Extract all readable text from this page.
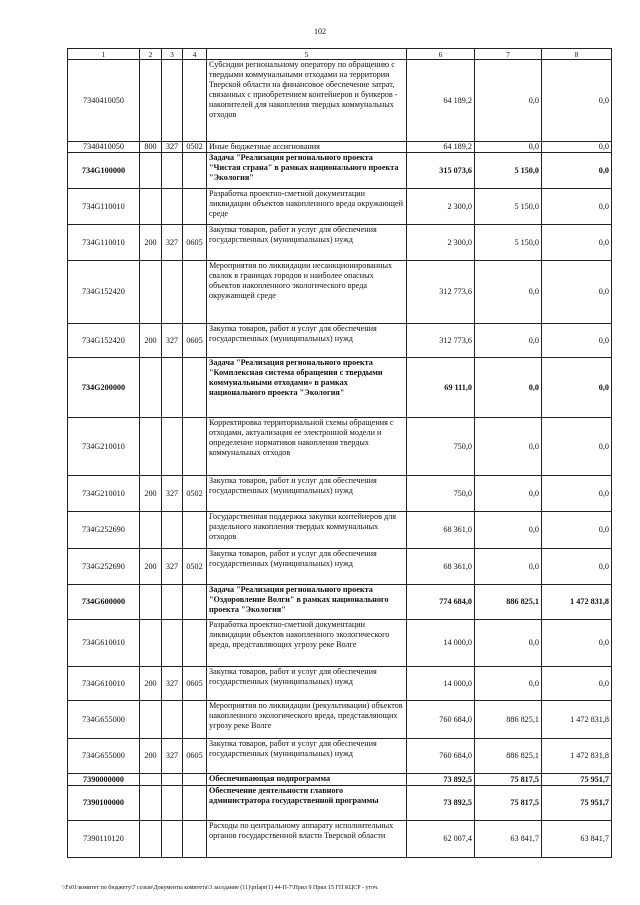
102
1	2	3	4	5	6	7	8
7340410050				Субсидии региональному оператору по обращению с твердыми коммунальными отходами на территории Тверской области на финансовое обеспечение затрат, связанных с приобретением контейнеров и бункеров - накопителей для накопления твердых коммунальных отходов	64 189,2	0,0	0,0
7340410050	800	327	0502	Иные бюджетные ассигнования	64 189,2	0,0	0,0
734G100000				Задача "Реализация регионального проекта "Чистая страна" в рамках национального проекта "Экология"	315 073,6	5 150,0	0,0
734G110010				Разработка проектно-сметной документации ликвидации объектов накопленного вреда окружающей среде	2 300,0	5 150,0	0,0
734G110010	200	327	0605	Закупка товаров, работ и услуг для обеспечения государственных (муниципальных) нужд	2 300,0	5 150,0	0,0
734G152420				Мероприятия по ликвидации несанкционированных свалок в границах городов и наиболее опасных объектов накопленного экологического вреда окружающей среде	312 773,6	0,0	0,0
734G152420	200	327	0605	Закупка товаров, работ и услуг для обеспечения государственных (муниципальных) нужд	312 773,6	0,0	0,0
734G200000				Задача "Реализация регионального проекта "Комплексная система обращения с твердыми коммунальными отходами» в рамках национального проекта "Экология"	69 111,0	0,0	0,0
734G210010				Корректировка территориальной схемы обращения с отходами, актуализация ее электронной модели и определение нормативов накопления твердых коммунальных отходов	750,0	0,0	0,0
734G210010	200	327	0502	Закупка товаров, работ и услуг для обеспечения государственных (муниципальных) нужд	750,0	0,0	0,0
734G252690				Государственная поддержка закупки контейнеров для раздельного накопления твердых коммунальных отходов	68 361,0	0,0	0,0
734G252690	200	327	0502	Закупка товаров, работ и услуг для обеспечения государственных (муниципальных) нужд	68 361,0	0,0	0,0
734G600000				Задача "Реализация регионального проекта "Оздоровление Волги" в рамках национального проекта "Экология"	774 684,0	886 825,1	1 472 831,8
734G610010				Разработка проектно-сметной документации ликвидации объектов накопленного экологического вреда, представляющих угрозу реке Волге	14 000,0	0,0	0,0
734G610010	200	327	0605	Закупка товаров, работ и услуг для обеспечения государственных (муниципальных) нужд	14 000,0	0,0	0,0
734G655000				Мероприятия по ликвидации (рекультивации) объектов накопленного экологического вреда, представляющих угрозу реке Волге	760 684,0	886 825,1	1 472 831,8
734G655000	200	327	0605	Закупка товаров, работ и услуг для обеспечения государственных (муниципальных) нужд	760 684,0	886 825,1	1 472 831,8
7390000000				Обеспечивающая подпрограмма	73 892,5	75 817,5	75 951,7
7390100000				Обеспечение деятельности главного администратора государственной программы	73 892,5	75 817,5	75 951,7
7390110120				Расходы по центральному аппарату исполнительных органов государственной власти Тверской области	62 007,4	63 841,7	63 841,7
\\Fs01\комитет по бюджету\7 созыв\Документы комитета\3 заседание (11)\prlapr(1) 44-П-7\Прил 9 Прил 15 ГП КЦСР - уточ.
